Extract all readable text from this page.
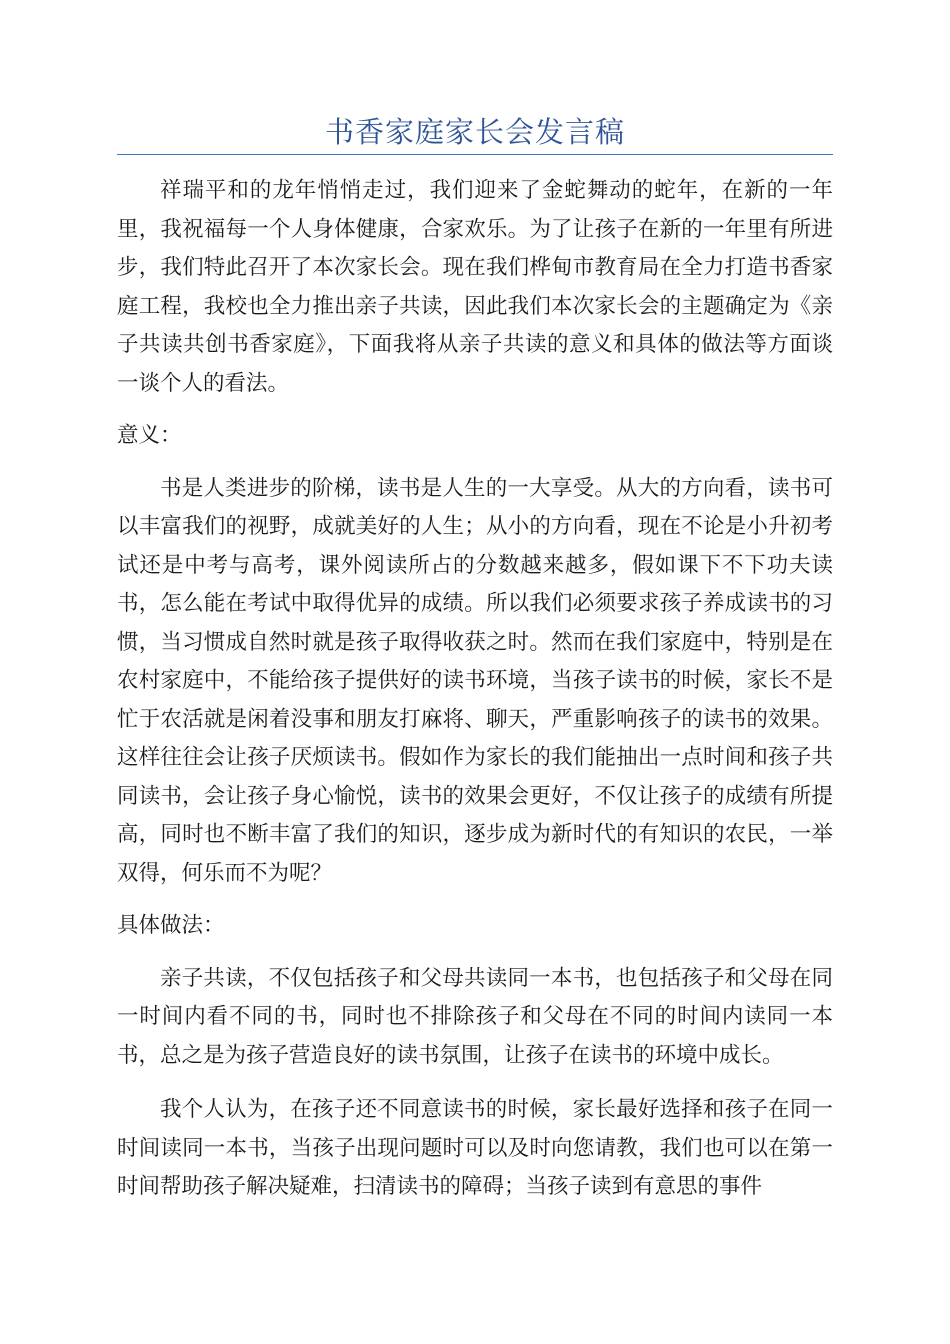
书香家庭家长会发言稿

祥瑞平和的龙年悄悄走过，我们迎来了金蛇舞动的蛇年，在新的一年里，我祝福每一个人身体健康，合家欢乐。为了让孩子在新的一年里有所进步，我们特此召开了本次家长会。现在我们桦甸市教育局在全力打造书香家庭工程，我校也全力推出亲子共读，因此我们本次家长会的主题确定为《亲子共读共创书香家庭》，下面我将从亲子共读的意义和具体的做法等方面谈一谈个人的看法。

意义：

书是人类进步的阶梯，读书是人生的一大享受。从大的方向看，读书可以丰富我们的视野，成就美好的人生；从小的方向看，现在不论是小升初考试还是中考与高考，课外阅读所占的分数越来越多，假如课下不下功夫读书，怎么能在考试中取得优异的成绩。所以我们必须要求孩子养成读书的习惯，当习惯成自然时就是孩子取得收获之时。然而在我们家庭中，特别是在农村家庭中，不能给孩子提供好的读书环境，当孩子读书的时候，家长不是忙于农活就是闲着没事和朋友打麻将、聊天，严重影响孩子的读书的效果。这样往往会让孩子厌烦读书。假如作为家长的我们能抽出一点时间和孩子共同读书，会让孩子身心愉悦，读书的效果会更好，不仅让孩子的成绩有所提高，同时也不断丰富了我们的知识，逐步成为新时代的有知识的农民，一举双得，何乐而不为呢？

具体做法：

亲子共读，不仅包括孩子和父母共读同一本书，也包括孩子和父母在同一时间内看不同的书，同时也不排除孩子和父母在不同的时间内读同一本书，总之是为孩子营造良好的读书氛围，让孩子在读书的环境中成长。

我个人认为，在孩子还不同意读书的时候，家长最好选择和孩子在同一时间读同一本书，当孩子出现问题时可以及时向您请教，我们也可以在第一时间帮助孩子解决疑难，扫清读书的障碍；当孩子读到有意思的事件
